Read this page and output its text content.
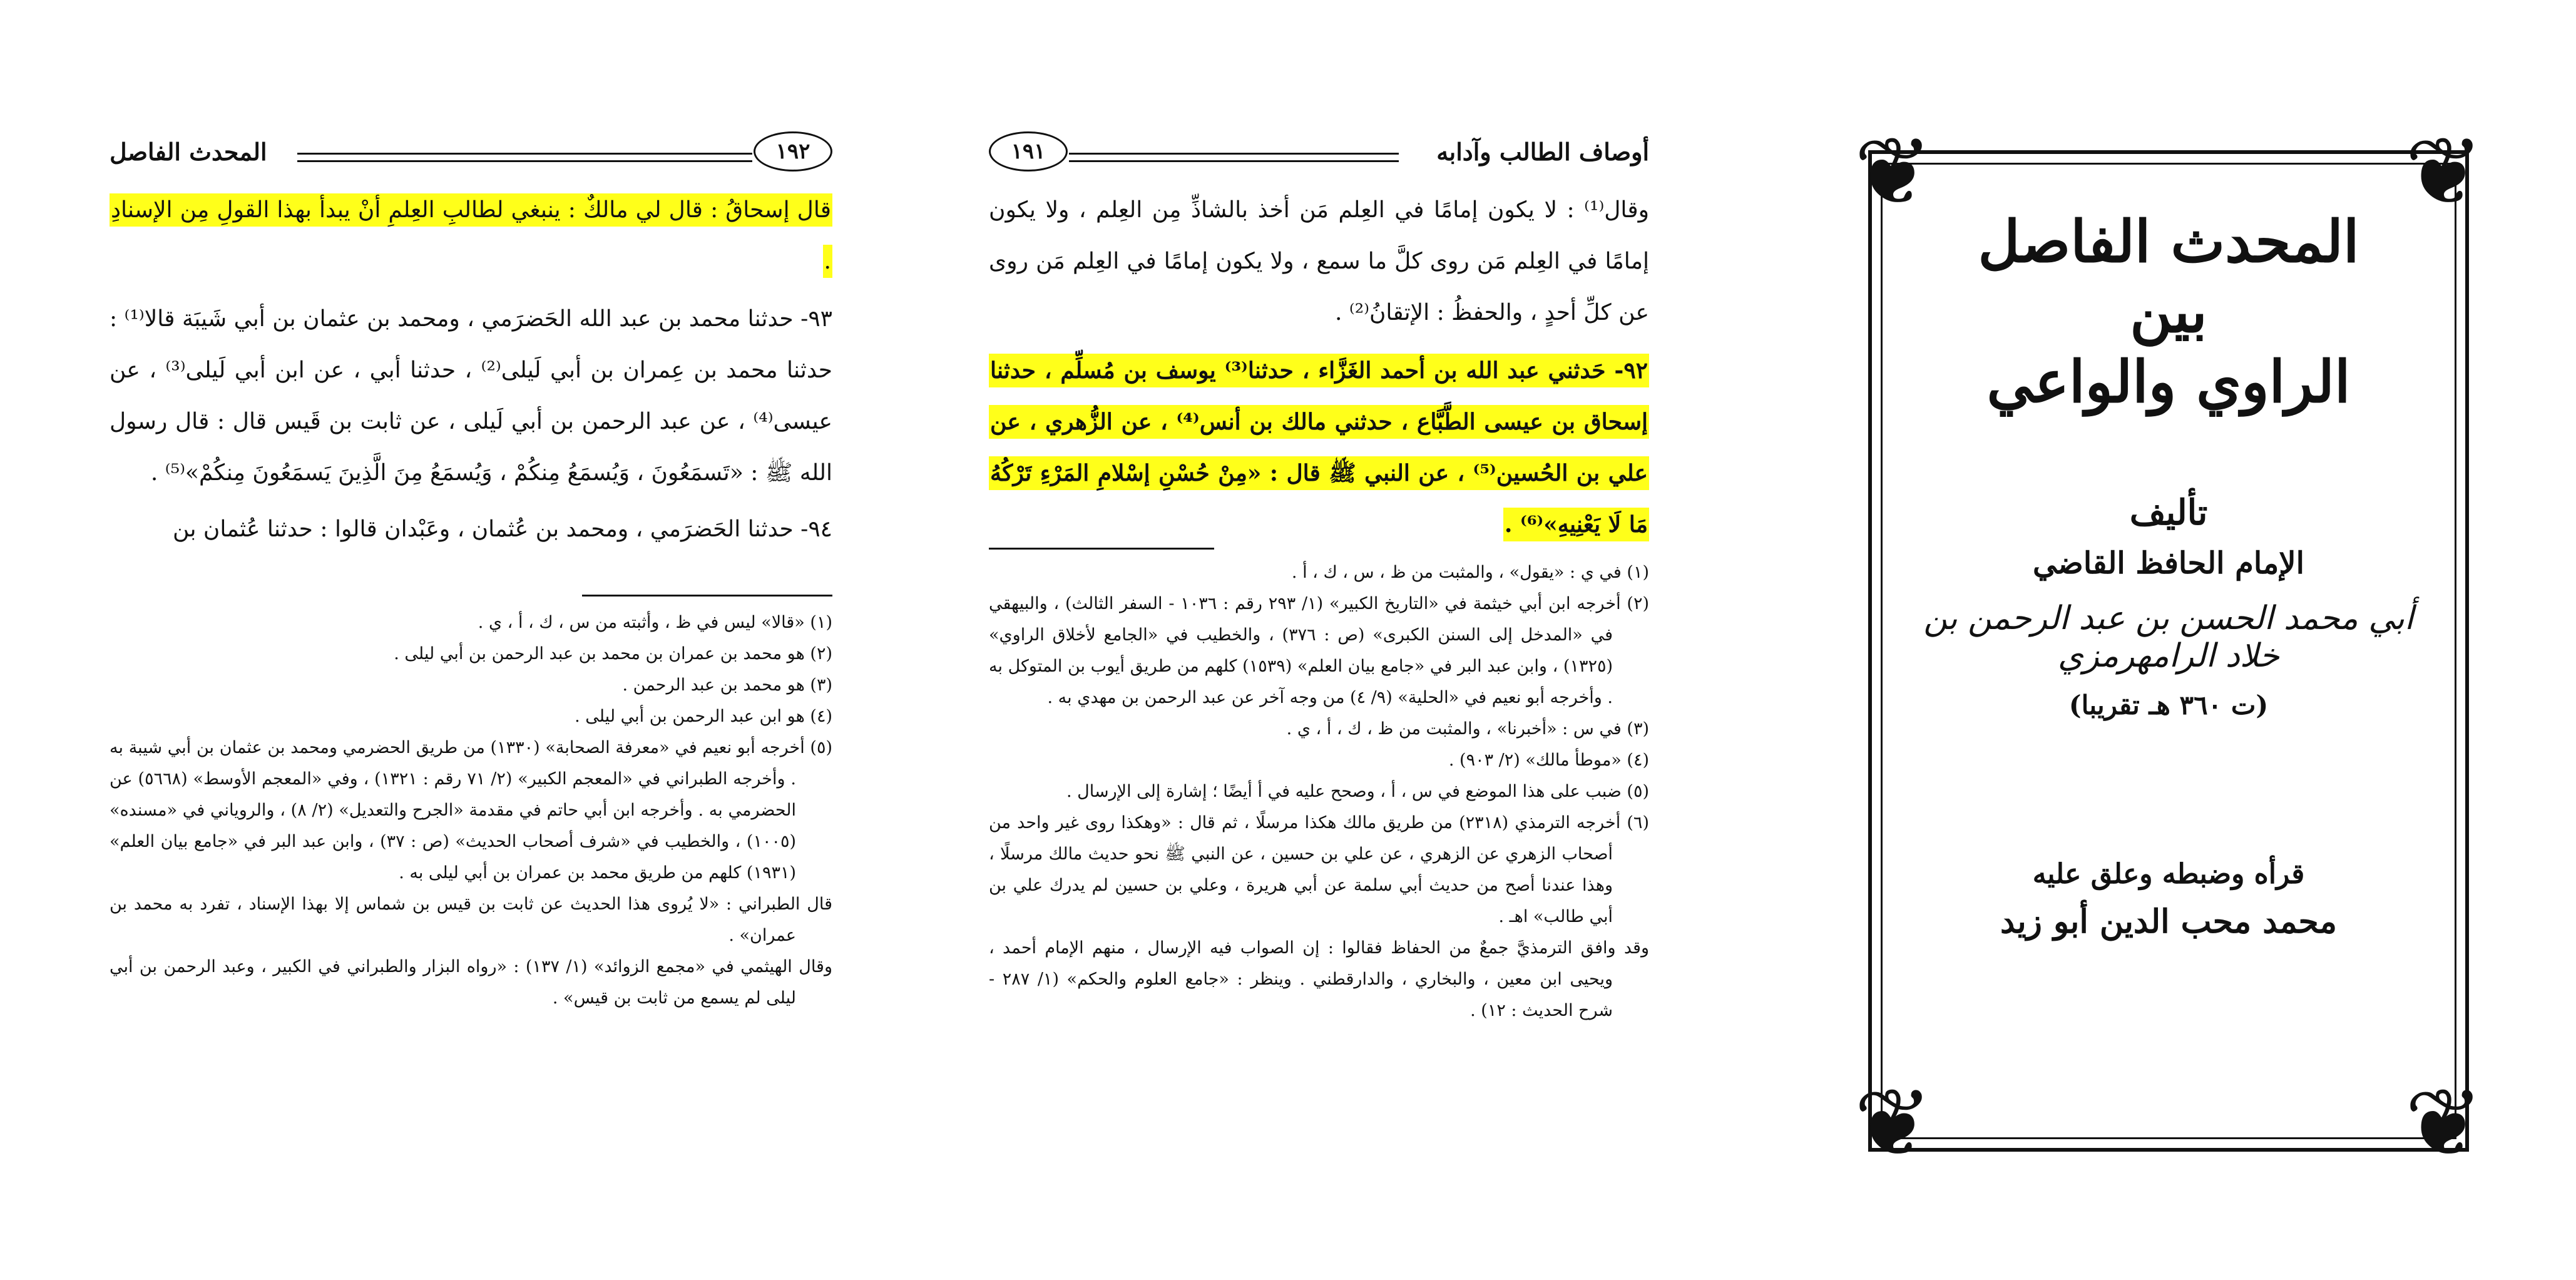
١٩٢
المحدث الفاصل

قال إسحاقُ : قال لي مالكٌ : ينبغي لطالبِ العِلمِ أنْ يبدأ بهذا القولِ مِن الإسنادِ .

٩٣- حدثنا محمد بن عبد الله الحَضرَمي ، ومحمد بن عثمان بن أبي شَيبَة قالا⁽¹⁾ : حدثنا محمد بن عِمران بن أبي لَيلى⁽²⁾ ، حدثنا أبي ، عن ابن أبي لَيلى⁽³⁾ ، عن عيسى⁽⁴⁾ ، عن عبد الرحمن بن أبي لَيلى ، عن ثابت بن قَيس قال : قال رسول الله ﷺ : «تَسمَعُونَ ، وَيُسمَعُ مِنكُمْ ، وَيُسمَعُ مِنَ الَّذِينَ يَسمَعُونَ مِنكُمْ»⁽⁵⁾ .

٩٤- حدثنا الحَضرَمي ، ومحمد بن عُثمان ، وعَبْدان قالوا : حدثنا عُثمان بن

(١) «قالا» ليس في ظ ، وأثبته من س ، ك ، أ ، ي .

(٢) هو محمد بن عمران بن محمد بن عبد الرحمن بن أبي ليلى .

(٣) هو محمد بن عبد الرحمن .

(٤) هو ابن عبد الرحمن بن أبي ليلى .

(٥) أخرجه أبو نعيم في «معرفة الصحابة» (١٣٣٠) من طريق الحضرمي ومحمد بن عثمان بن أبي شيبة به . وأخرجه الطبراني في «المعجم الكبير» (٢/ ٧١ رقم : ١٣٢١) ، وفي «المعجم الأوسط» (٥٦٦٨) عن الحضرمي به . وأخرجه ابن أبي حاتم في مقدمة «الجرح والتعديل» (٢/ ٨) ، والروياني في «مسنده» (١٠٠٥) ، والخطيب في «شرف أصحاب الحديث» (ص : ٣٧) ، وابن عبد البر في «جامع بيان العلم» (١٩٣١) كلهم من طريق محمد بن عمران بن أبي ليلى به .

قال الطبراني : «لا يُروى هذا الحديث عن ثابت بن قيس بن شماس إلا بهذا الإسناد ، تفرد به محمد بن عمران» .

وقال الهيثمي في «مجمع الزوائد» (١/ ١٣٧) : «رواه البزار والطبراني في الكبير ، وعبد الرحمن بن أبي ليلى لم يسمع من ثابت بن قيس» .

أوصاف الطالب وآدابه
١٩١

وقال⁽¹⁾ : لا يكون إمامًا في العِلم مَن أخذ بالشاذِّ مِن العِلم ، ولا يكون إمامًا في العِلم مَن روى كلَّ ما سمع ، ولا يكون إمامًا في العِلم مَن روى عن كلِّ أحدٍ ، والحفظُ : الإتقانُ⁽²⁾ .

٩٢- حَدثني عبد الله بن أحمد الغَزَّاء ، حدثنا⁽³⁾ يوسف بن مُسلِّم ، حدثنا إسحاق بن عيسى الطَّبَّاع ، حدثني مالك بن أنس⁽⁴⁾ ، عن الزُّهري ، عن علي بن الحُسين⁽⁵⁾ ، عن النبي ﷺ قال : «مِنْ حُسْنِ إسْلامِ المَرْءِ تَرْكُهُ مَا لَا يَعْنِيهِ»⁽⁶⁾ .

(١) في ي : «يقول» ، والمثبت من ظ ، س ، ك ، أ .

(٢) أخرجه ابن أبي خيثمة في «التاريخ الكبير» (١/ ٢٩٣ رقم : ١٠٣٦ - السفر الثالث) ، والبيهقي في «المدخل إلى السنن الكبرى» (ص : ٣٧٦) ، والخطيب في «الجامع لأخلاق الراوي» (١٣٢٥) ، وابن عبد البر في «جامع بيان العلم» (١٥٣٩) كلهم من طريق أيوب بن المتوكل به . وأخرجه أبو نعيم في «الحلية» (٩/ ٤) من وجه آخر عن عبد الرحمن بن مهدي به .

(٣) في س : «أخبرنا» ، والمثبت من ظ ، ك ، أ ، ي .

(٤) «موطأ مالك» (٢/ ٩٠٣) .

(٥) ضبب على هذا الموضع في س ، أ ، وصحح عليه في أ أيضًا ؛ إشارة إلى الإرسال .

(٦) أخرجه الترمذي (٢٣١٨) من طريق مالك هكذا مرسلًا ، ثم قال : «وهكذا روى غير واحد من أصحاب الزهري عن الزهري ، عن علي بن حسين ، عن النبي ﷺ نحو حديث مالك مرسلًا ، وهذا عندنا أصح من حديث أبي سلمة عن أبي هريرة ، وعلي بن حسين لم يدرك علي بن أبي طالب» اهـ .

وقد وافق الترمذيَّ جمعٌ من الحفاظ فقالوا : إن الصواب فيه الإرسال ، منهم الإمام أحمد ، ويحيى ابن معين ، والبخاري ، والدارقطني . وينظر : «جامع العلوم والحكم» (١/ ٢٨٧ - شرح الحديث : ١٢) .

❦	❦
❦	❦

المحدث الفاصل

بين

الراوي والواعي

تأليف

الإمام الحافظ القاضي

أبي محمد الحسن بن عبد الرحمن بن خلاد الرامهرمزي

(ت ٣٦٠ هـ تقريبا)

قرأه وضبطه وعلق عليه

محمد محب الدين أبو زيد
